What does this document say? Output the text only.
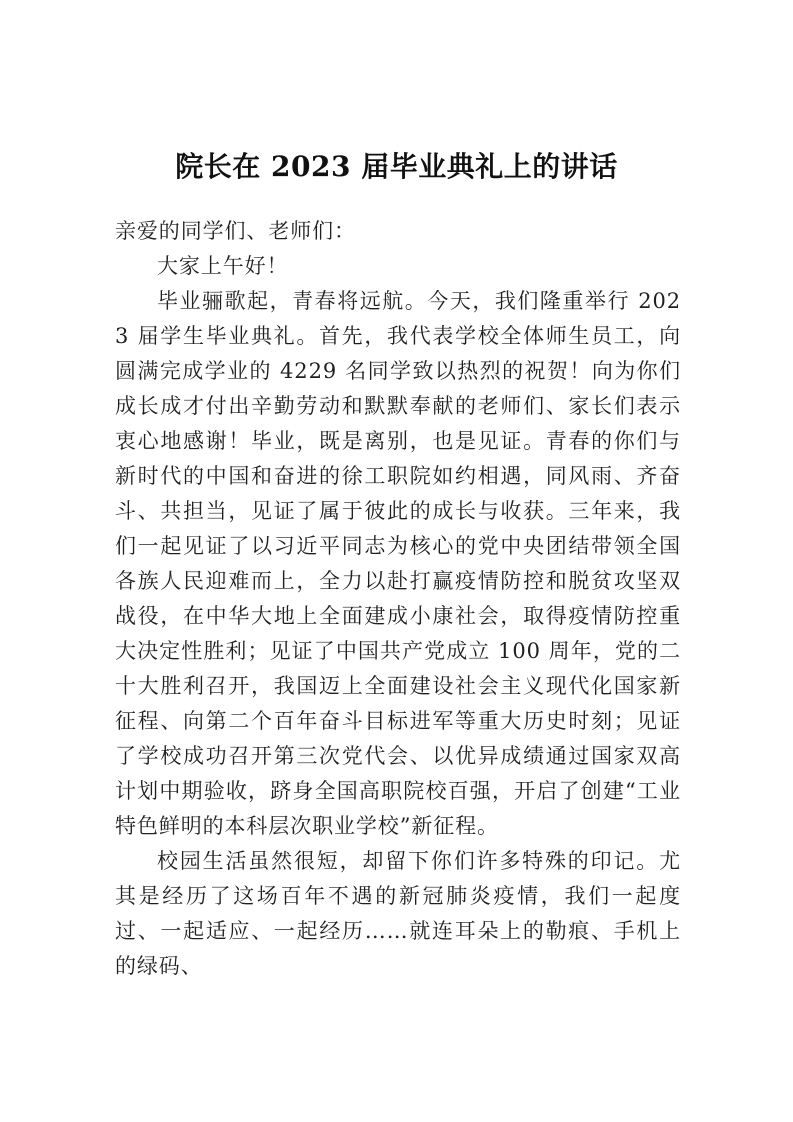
院长在 2023 届毕业典礼上的讲话

亲爱的同学们、老师们：

大家上午好！

毕业骊歌起，青春将远航。今天，我们隆重举行 2023 届学生毕业典礼。首先，我代表学校全体师生员工，向圆满完成学业的 4229 名同学致以热烈的祝贺！向为你们成长成才付出辛勤劳动和默默奉献的老师们、家长们表示衷心地感谢！毕业，既是离别，也是见证。青春的你们与新时代的中国和奋进的徐工职院如约相遇，同风雨、齐奋斗、共担当，见证了属于彼此的成长与收获。三年来，我们一起见证了以习近平同志为核心的党中央团结带领全国各族人民迎难而上，全力以赴打赢疫情防控和脱贫攻坚双战役，在中华大地上全面建成小康社会，取得疫情防控重大决定性胜利；见证了中国共产党成立 100 周年，党的二十大胜利召开，我国迈上全面建设社会主义现代化国家新征程、向第二个百年奋斗目标进军等重大历史时刻；见证了学校成功召开第三次党代会、以优异成绩通过国家双高计划中期验收，跻身全国高职院校百强，开启了创建“工业特色鲜明的本科层次职业学校”新征程。

校园生活虽然很短，却留下你们许多特殊的印记。尤其是经历了这场百年不遇的新冠肺炎疫情，我们一起度过、一起适应、一起经历……就连耳朵上的勒痕、手机上的绿码、
